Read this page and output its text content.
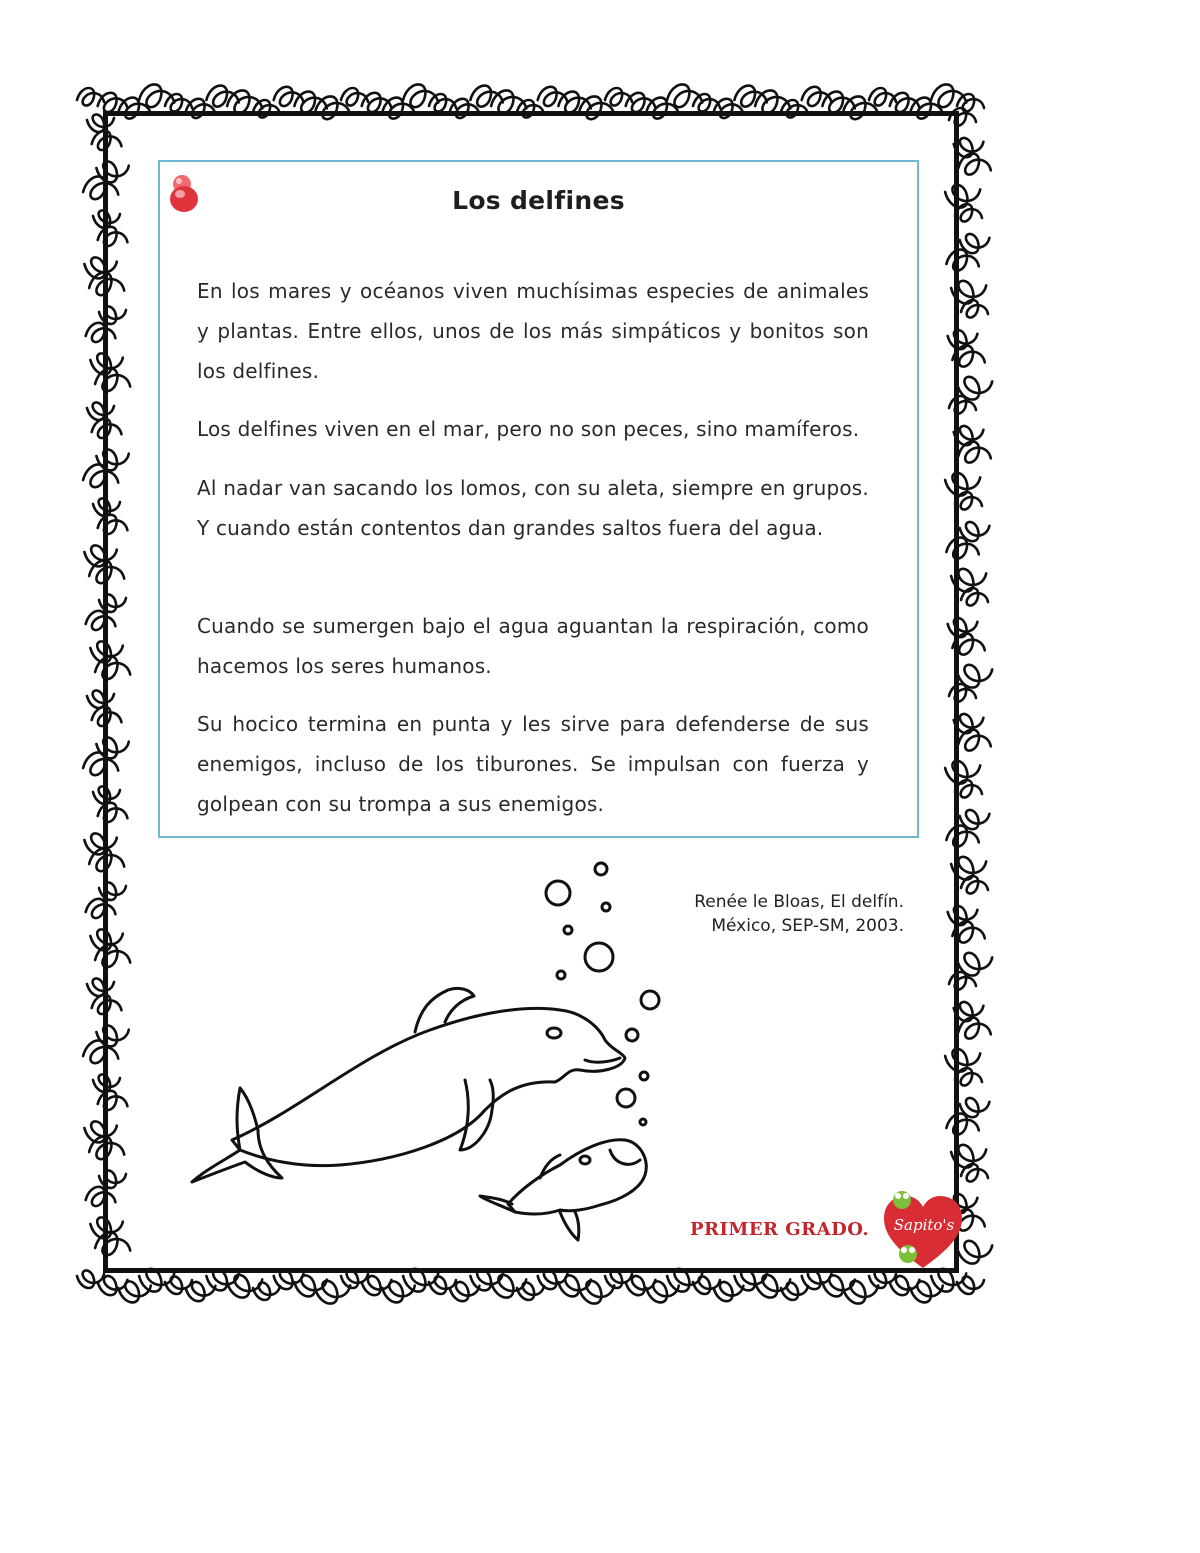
Los delfines

En los mares y océanos viven muchísimas especies de animales y plantas. Entre ellos, unos de los más simpáticos y bonitos son los delfines.

Los delfines viven en el mar, pero no son peces, sino mamíferos.

Al nadar van sacando los lomos, con su aleta, siempre en grupos. Y cuando están contentos dan grandes saltos fuera del agua.

Cuando se sumergen bajo el agua aguantan la respiración, como hacemos los seres humanos.

Su hocico termina en punta y les sirve para defenderse de sus enemigos, incluso de los tiburones. Se impulsan con fuerza y golpean con su trompa a sus enemigos.

Renée le Bloas, El delfín.
México, SEP-SM, 2003.
PRIMER GRADO. Sapito's
